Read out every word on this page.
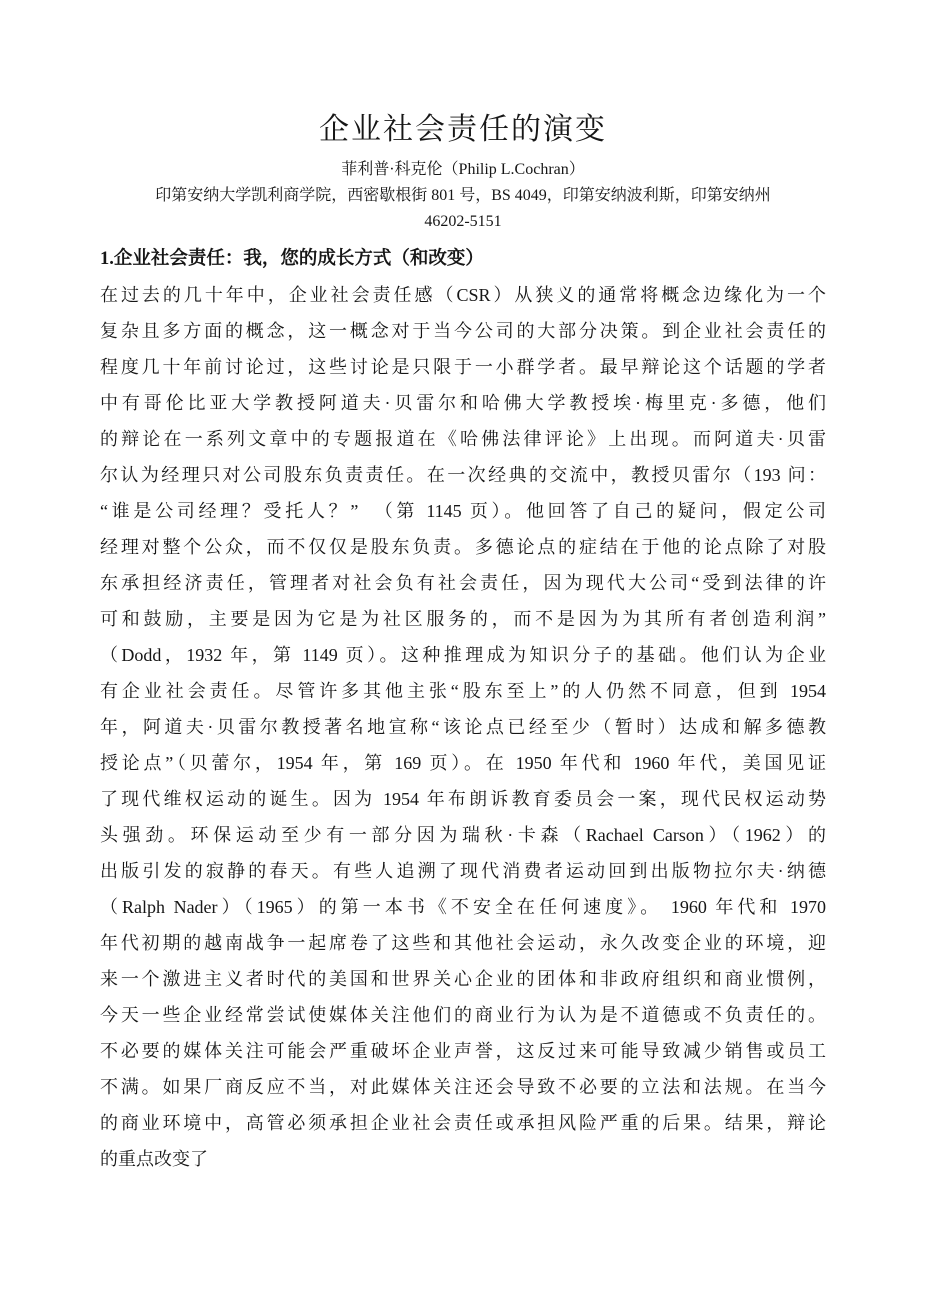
企业社会责任的演变
菲利普·科克伦（Philip L.Cochran）
印第安纳大学凯利商学院，西密歇根街 801 号，BS 4049，印第安纳波利斯，印第安纳州
46202-5151
1.企业社会责任：我，您的成长方式（和改变）
在过去的几十年中，企业社会责任感（CSR）从狭义的通常将概念边缘化为一个
复杂且多方面的概念，这一概念对于当今公司的大部分决策。到企业社会责任的
程度几十年前讨论过，这些讨论是只限于一小群学者。最早辩论这个话题的学者
中有哥伦比亚大学教授阿道夫·贝雷尔和哈佛大学教授埃·梅里克·多德，他们
的辩论在一系列文章中的专题报道在《哈佛法律评论》上出现。而阿道夫·贝雷
尔认为经理只对公司股东负责责任。在一次经典的交流中，教授贝雷尔（193 问：
“谁是公司经理？受托人？”　（第 1145 页）。他回答了自己的疑问，假定公司
经理对整个公众，而不仅仅是股东负责。多德论点的症结在于他的论点除了对股
东承担经济责任，管理者对社会负有社会责任，因为现代大公司“受到法律的许
可和鼓励，主要是因为它是为社区服务的，而不是因为为其所有者创造利润”
（Dodd，1932 年，第 1149 页）。这种推理成为知识分子的基础。他们认为企业
有企业社会责任。尽管许多其他主张“股东至上”的人仍然不同意，但到 1954
年，阿道夫·贝雷尔教授著名地宣称“该论点已经至少（暂时）达成和解多德教
授论点”（贝蕾尔，1954 年，第 169 页）。在 1950 年代和 1960 年代，美国见证
了现代维权运动的诞生。因为 1954 年布朗诉教育委员会一案，现代民权运动势
头强劲。环保运动至少有一部分因为瑞秋·卡森（Rachael Carson）（1962）的
出版引发的寂静的春天。有些人追溯了现代消费者运动回到出版物拉尔夫·纳德
（Ralph Nader）（1965）的第一本书《不安全在任何速度》。 1960 年代和 1970
年代初期的越南战争一起席卷了这些和其他社会运动，永久改变企业的环境，迎
来一个激进主义者时代的美国和世界关心企业的团体和非政府组织和商业惯例，
今天一些企业经常尝试使媒体关注他们的商业行为认为是不道德或不负责任的。
不必要的媒体关注可能会严重破坏企业声誉，这反过来可能导致减少销售或员工
不满。如果厂商反应不当，对此媒体关注还会导致不必要的立法和法规。在当今
的商业环境中，高管必须承担企业社会责任或承担风险严重的后果。结果，辩论
的重点改变了
